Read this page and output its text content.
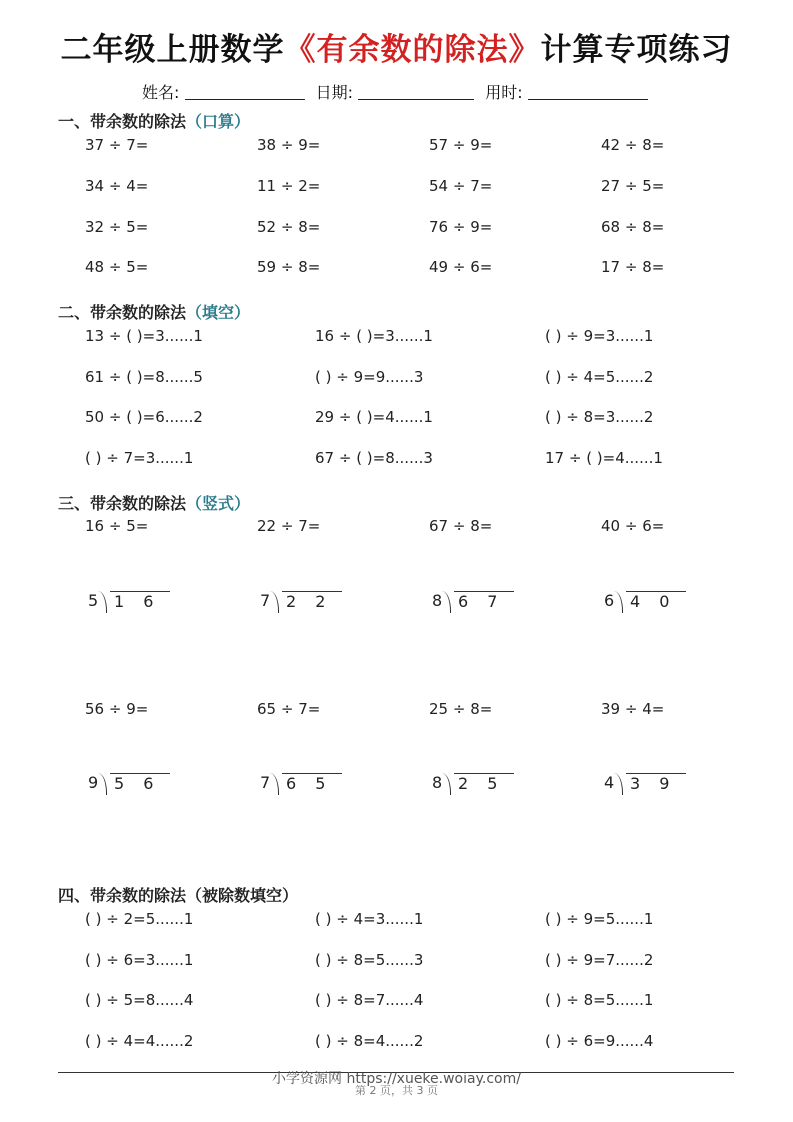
二年级上册数学《有余数的除法》计算专项练习
姓名:	日期:	用时:
一、带余数的除法（口算）
37 ÷ 7=	38 ÷ 9=	57 ÷ 9=	42 ÷ 8=
34 ÷ 4=	11 ÷ 2=	54 ÷ 7=	27 ÷ 5=
32 ÷ 5=	52 ÷ 8=	76 ÷ 9=	68 ÷ 8=
48 ÷ 5=	59 ÷ 8=	49 ÷ 6=	17 ÷ 8=
二、带余数的除法（填空）
13 ÷ ( )=3......1	16 ÷ ( )=3......1	( ) ÷ 9=3......1
61 ÷ ( )=8......5	( ) ÷ 9=9......3	( ) ÷ 4=5......2
50 ÷ ( )=6......2	29 ÷ ( )=4......1	( ) ÷ 8=3......2
( ) ÷ 7=3......1	67 ÷ ( )=8......3	17 ÷ ( )=4......1
三、带余数的除法（竖式）
16 ÷ 5=	22 ÷ 7=	67 ÷ 8=	40 ÷ 6=
5 1 6	7 2 2	8 6 7	6 4 0
56 ÷ 9=	65 ÷ 7=	25 ÷ 8=	39 ÷ 4=
9 5 6	7 6 5	8 2 5	4 3 9
四、带余数的除法（被除数填空）
( ) ÷ 2=5......1	( ) ÷ 4=3......1	( ) ÷ 9=5......1
( ) ÷ 6=3......1	( ) ÷ 8=5......3	( ) ÷ 9=7......2
( ) ÷ 5=8......4	( ) ÷ 8=7......4	( ) ÷ 8=5......1
( ) ÷ 4=4......2	( ) ÷ 8=4......2	( ) ÷ 6=9......4
小学资源网 https://xueke.woiay.com/
第 2 页，共 3 页
